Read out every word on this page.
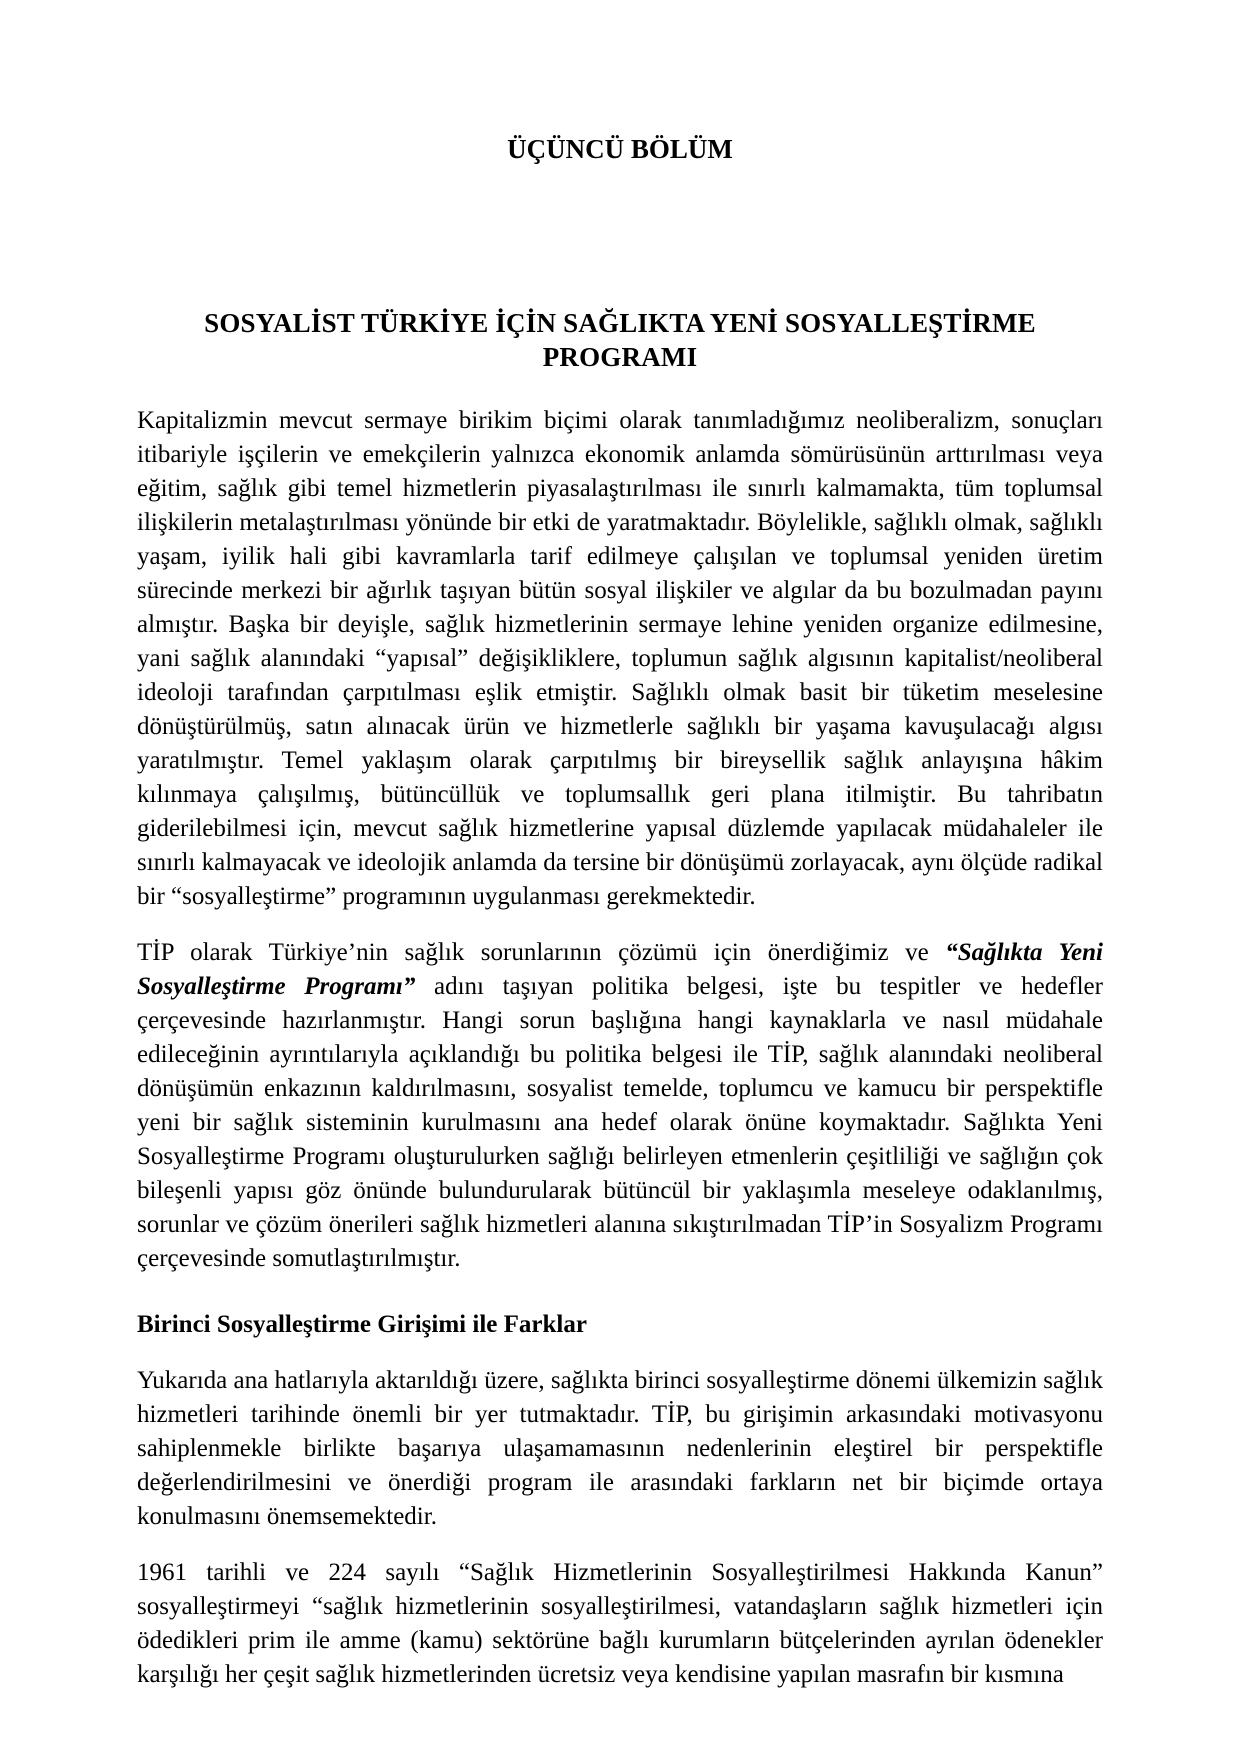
ÜÇÜNCÜ BÖLÜM
SOSYALİST TÜRKİYE İÇİN SAĞLIKTA YENİ SOSYALLEŞTİRME PROGRAMI

Kapitalizmin mevcut sermaye birikim biçimi olarak tanımladığımız neoliberalizm, sonuçları itibariyle işçilerin ve emekçilerin yalnızca ekonomik anlamda sömürüsünün arttırılması veya eğitim, sağlık gibi temel hizmetlerin piyasalaştırılması ile sınırlı kalmamakta, tüm toplumsal ilişkilerin metalaştırılması yönünde bir etki de yaratmaktadır. Böylelikle, sağlıklı olmak, sağlıklı yaşam, iyilik hali gibi kavramlarla tarif edilmeye çalışılan ve toplumsal yeniden üretim sürecinde merkezi bir ağırlık taşıyan bütün sosyal ilişkiler ve algılar da bu bozulmadan payını almıştır. Başka bir deyişle, sağlık hizmetlerinin sermaye lehine yeniden organize edilmesine, yani sağlık alanındaki “yapısal” değişikliklere, toplumun sağlık algısının kapitalist/neoliberal ideoloji tarafından çarpıtılması eşlik etmiştir. Sağlıklı olmak basit bir tüketim meselesine dönüştürülmüş, satın alınacak ürün ve hizmetlerle sağlıklı bir yaşama kavuşulacağı algısı yaratılmıştır. Temel yaklaşım olarak çarpıtılmış bir bireysellik sağlık anlayışına hâkim kılınmaya çalışılmış, bütüncüllük ve toplumsallık geri plana itilmiştir. Bu tahribatın giderilebilmesi için, mevcut sağlık hizmetlerine yapısal düzlemde yapılacak müdahaleler ile sınırlı kalmayacak ve ideolojik anlamda da tersine bir dönüşümü zorlayacak, aynı ölçüde radikal bir “sosyalleştirme” programının uygulanması gerekmektedir.

TİP olarak Türkiye’nin sağlık sorunlarının çözümü için önerdiğimiz ve “Sağlıkta Yeni Sosyalleştirme Programı” adını taşıyan politika belgesi, işte bu tespitler ve hedefler çerçevesinde hazırlanmıştır. Hangi sorun başlığına hangi kaynaklarla ve nasıl müdahale edileceğinin ayrıntılarıyla açıklandığı bu politika belgesi ile TİP, sağlık alanındaki neoliberal dönüşümün enkazının kaldırılmasını, sosyalist temelde, toplumcu ve kamucu bir perspektifle yeni bir sağlık sisteminin kurulmasını ana hedef olarak önüne koymaktadır. Sağlıkta Yeni Sosyalleştirme Programı oluşturulurken sağlığı belirleyen etmenlerin çeşitliliği ve sağlığın çok bileşenli yapısı göz önünde bulundurularak bütüncül bir yaklaşımla meseleye odaklanılmış, sorunlar ve çözüm önerileri sağlık hizmetleri alanına sıkıştırılmadan TİP’in Sosyalizm Programı çerçevesinde somutlaştırılmıştır.

Birinci Sosyalleştirme Girişimi ile Farklar

Yukarıda ana hatlarıyla aktarıldığı üzere, sağlıkta birinci sosyalleştirme dönemi ülkemizin sağlık hizmetleri tarihinde önemli bir yer tutmaktadır. TİP, bu girişimin arkasındaki motivasyonu sahiplenmekle birlikte başarıya ulaşamamasının nedenlerinin eleştirel bir perspektifle değerlendirilmesini ve önerdiği program ile arasındaki farkların net bir biçimde ortaya konulmasını önemsemektedir.

1961 tarihli ve 224 sayılı “Sağlık Hizmetlerinin Sosyalleştirilmesi Hakkında Kanun” sosyalleştirmeyi “sağlık hizmetlerinin sosyalleştirilmesi, vatandaşların sağlık hizmetleri için ödedikleri prim ile amme (kamu) sektörüne bağlı kurumların bütçelerinden ayrılan ödenekler karşılığı her çeşit sağlık hizmetlerinden ücretsiz veya kendisine yapılan masrafın bir kısmına
